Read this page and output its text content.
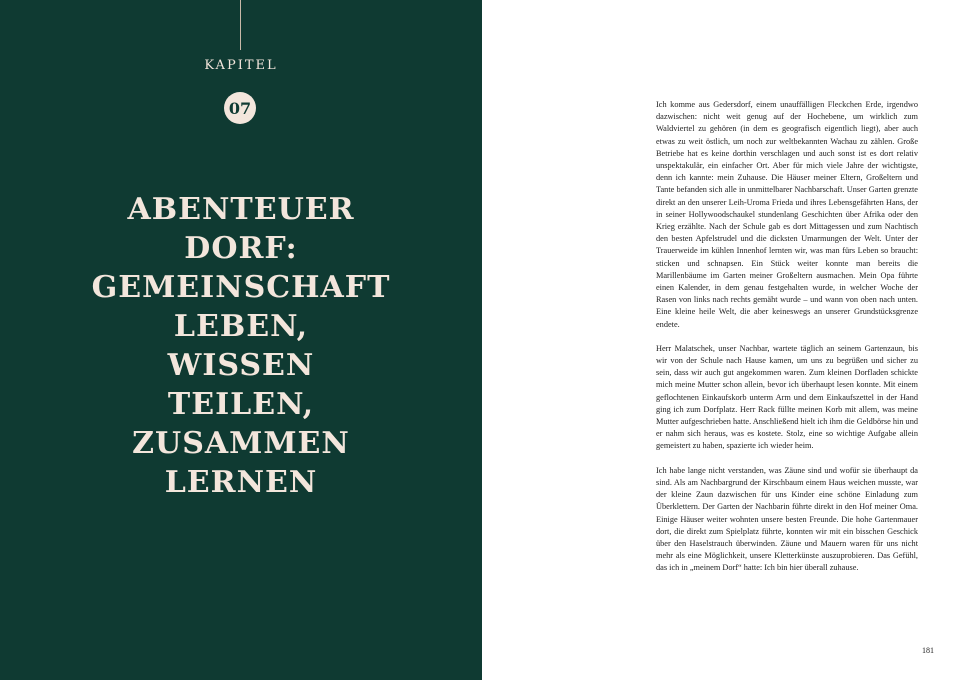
KAPITEL
07
ABENTEUER
DORF:
GEMEINSCHAFT
LEBEN,
WISSEN
TEILEN,
ZUSAMMEN
LERNEN

Ich komme aus Gedersdorf, einem unauffälligen Fleckchen Erde, irgendwo dazwischen: nicht weit genug auf der Hochebene, um wirklich zum Waldviertel zu gehören (in dem es geografisch eigentlich liegt), aber auch etwas zu weit östlich, um noch zur weltbekannten Wachau zu zählen. Große Betriebe hat es keine dorthin verschlagen und auch sonst ist es dort relativ unspektakulär, ein einfacher Ort. Aber für mich viele Jahre der wichtigste, denn ich kannte: mein Zuhause. Die Häuser meiner Eltern, Großeltern und Tante befanden sich alle in unmittelbarer Nachbarschaft. Unser Garten grenzte direkt an den unserer Leih-Uroma Frieda und ihres Lebensgefährten Hans, der in seiner Hollywoodschaukel stundenlang Geschichten über Afrika oder den Krieg erzählte. Nach der Schule gab es dort Mittagessen und zum Nachtisch den besten Apfelstrudel und die dicksten Umarmungen der Welt. Unter der Trauerweide im kühlen Innenhof lernten wir, was man fürs Leben so braucht: sticken und schnapsen. Ein Stück weiter konnte man bereits die Marillenbäume im Garten meiner Großeltern ausmachen. Mein Opa führte einen Kalender, in dem genau festgehalten wurde, in welcher Woche der Rasen von links nach rechts gemäht wurde – und wann von oben nach unten. Eine kleine heile Welt, die aber keineswegs an unserer Grundstücksgrenze endete.

Herr Malatschek, unser Nachbar, wartete täglich an seinem Gartenzaun, bis wir von der Schule nach Hause kamen, um uns zu begrüßen und sicher zu sein, dass wir auch gut angekommen waren. Zum kleinen Dorfladen schickte mich meine Mutter schon allein, bevor ich überhaupt lesen konnte. Mit einem geflochtenen Einkaufskorb unterm Arm und dem Einkaufszettel in der Hand ging ich zum Dorfplatz. Herr Rack füllte meinen Korb mit allem, was meine Mutter aufgeschrieben hatte. Anschließend hielt ich ihm die Geldbörse hin und er nahm sich heraus, was es kostete. Stolz, eine so wichtige Aufgabe allein gemeistert zu haben, spazierte ich wieder heim.

Ich habe lange nicht verstanden, was Zäune sind und wofür sie überhaupt da sind. Als am Nachbargrund der Kirschbaum einem Haus weichen musste, war der kleine Zaun dazwischen für uns Kinder eine schöne Einladung zum Überklettern. Der Garten der Nachbarin führte direkt in den Hof meiner Oma. Einige Häuser weiter wohnten unsere besten Freunde. Die hohe Gartenmauer dort, die direkt zum Spielplatz führte, konnten wir mit ein bisschen Geschick über den Haselstrauch überwinden. Zäune und Mauern waren für uns nicht mehr als eine Möglichkeit, unsere Kletterkünste auszuprobieren. Das Gefühl, das ich in „meinem Dorf“ hatte: Ich bin hier überall zuhause.

181
